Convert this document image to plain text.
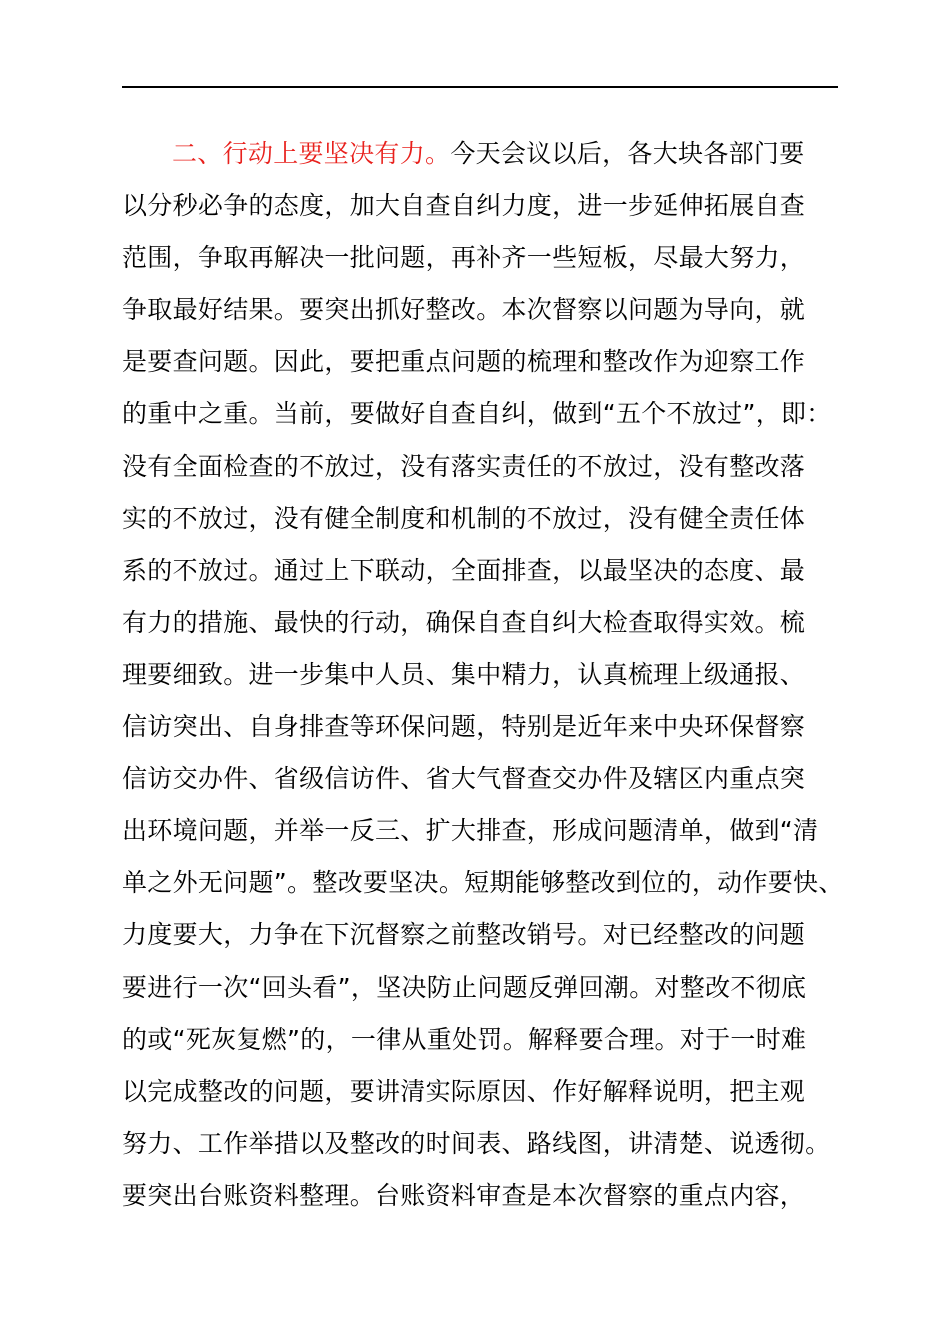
二、行动上要坚决有力。今天会议以后，各大块各部门要
以分秒必争的态度，加大自查自纠力度，进一步延伸拓展自查
范围，争取再解决一批问题，再补齐一些短板，尽最大努力，
争取最好结果。要突出抓好整改。本次督察以问题为导向，就
是要查问题。因此，要把重点问题的梳理和整改作为迎察工作
的重中之重。当前，要做好自查自纠，做到“五个不放过”，即：
没有全面检查的不放过，没有落实责任的不放过，没有整改落
实的不放过，没有健全制度和机制的不放过，没有健全责任体
系的不放过。通过上下联动，全面排查，以最坚决的态度、最
有力的措施、最快的行动，确保自查自纠大检查取得实效。梳
理要细致。进一步集中人员、集中精力，认真梳理上级通报、
信访突出、自身排查等环保问题，特别是近年来中央环保督察
信访交办件、省级信访件、省大气督查交办件及辖区内重点突
出环境问题，并举一反三、扩大排查，形成问题清单，做到“清
单之外无问题”。整改要坚决。短期能够整改到位的，动作要快、
力度要大，力争在下沉督察之前整改销号。对已经整改的问题
要进行一次“回头看”，坚决防止问题反弹回潮。对整改不彻底
的或“死灰复燃”的，一律从重处罚。解释要合理。对于一时难
以完成整改的问题，要讲清实际原因、作好解释说明，把主观
努力、工作举措以及整改的时间表、路线图，讲清楚、说透彻。
要突出台账资料整理。台账资料审查是本次督察的重点内容，
